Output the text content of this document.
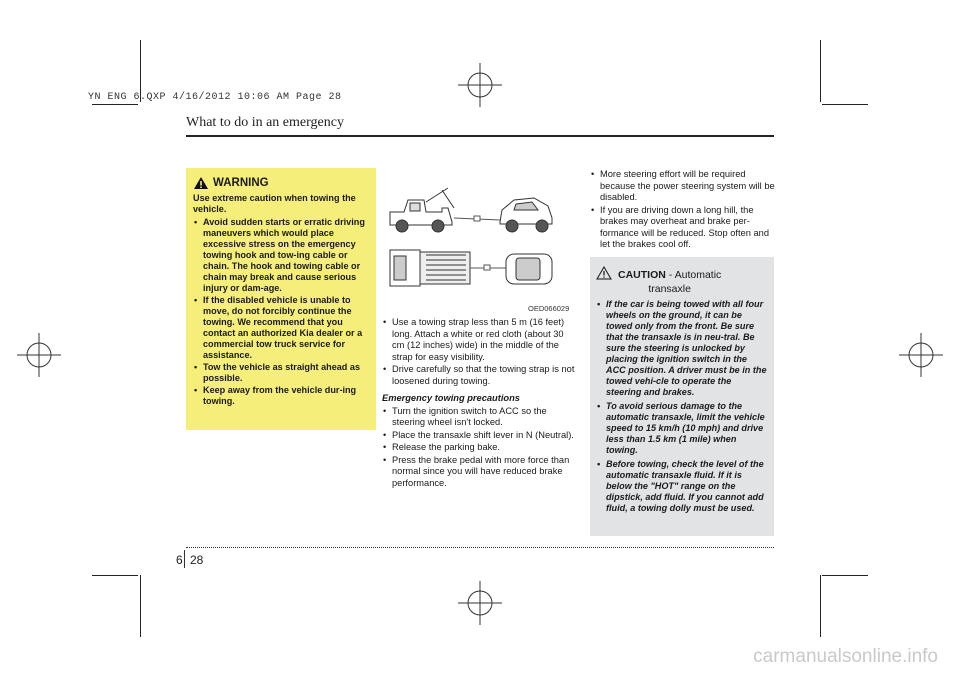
YN ENG 6.QXP 4/16/2012 10:06 AM Page 28
What to do in an emergency
WARNING
Use extreme caution when towing the vehicle.
• Avoid sudden starts or erratic driving maneuvers which would place excessive stress on the emergency towing hook and tow-ing cable or chain. The hook and towing cable or chain may break and cause serious injury or dam-age.
• If the disabled vehicle is unable to move, do not forcibly continue the towing. We recommend that you contact an authorized Kia dealer or a commercial tow truck service for assistance.
• Tow the vehicle as straight ahead as possible.
• Keep away from the vehicle dur-ing towing.
OED066029
• Use a towing strap less than 5 m (16 feet) long. Attach a white or red cloth (about 30 cm (12 inches) wide) in the middle of the strap for easy visibility.
• Drive carefully so that the towing strap is not loosened during towing.
Emergency towing precautions
• Turn the ignition switch to ACC so the steering wheel isn't locked.
• Place the transaxle shift lever in N (Neutral).
• Release the parking bake.
• Press the brake pedal with more force than normal since you will have reduced brake performance.
• More steering effort will be required because the power steering system will be disabled.
• If you are driving down a long hill, the brakes may overheat and brake per-formance will be reduced. Stop often and let the brakes cool off.
CAUTION - Automatic
transaxle
• If the car is being towed with all four wheels on the ground, it can be towed only from the front. Be sure that the transaxle is in neu-tral. Be sure the steering is unlocked by placing the ignition switch in the ACC position. A driver must be in the towed vehi-cle to operate the steering and brakes.
• To avoid serious damage to the automatic transaxle, limit the vehicle speed to 15 km/h (10 mph) and drive less than 1.5 km (1 mile) when towing.
• Before towing, check the level of the automatic transaxle fluid. If it is below the "HOT" range on the dipstick, add fluid. If you cannot add fluid, a towing dolly must be used.
6 28
carmanualsonline.info
